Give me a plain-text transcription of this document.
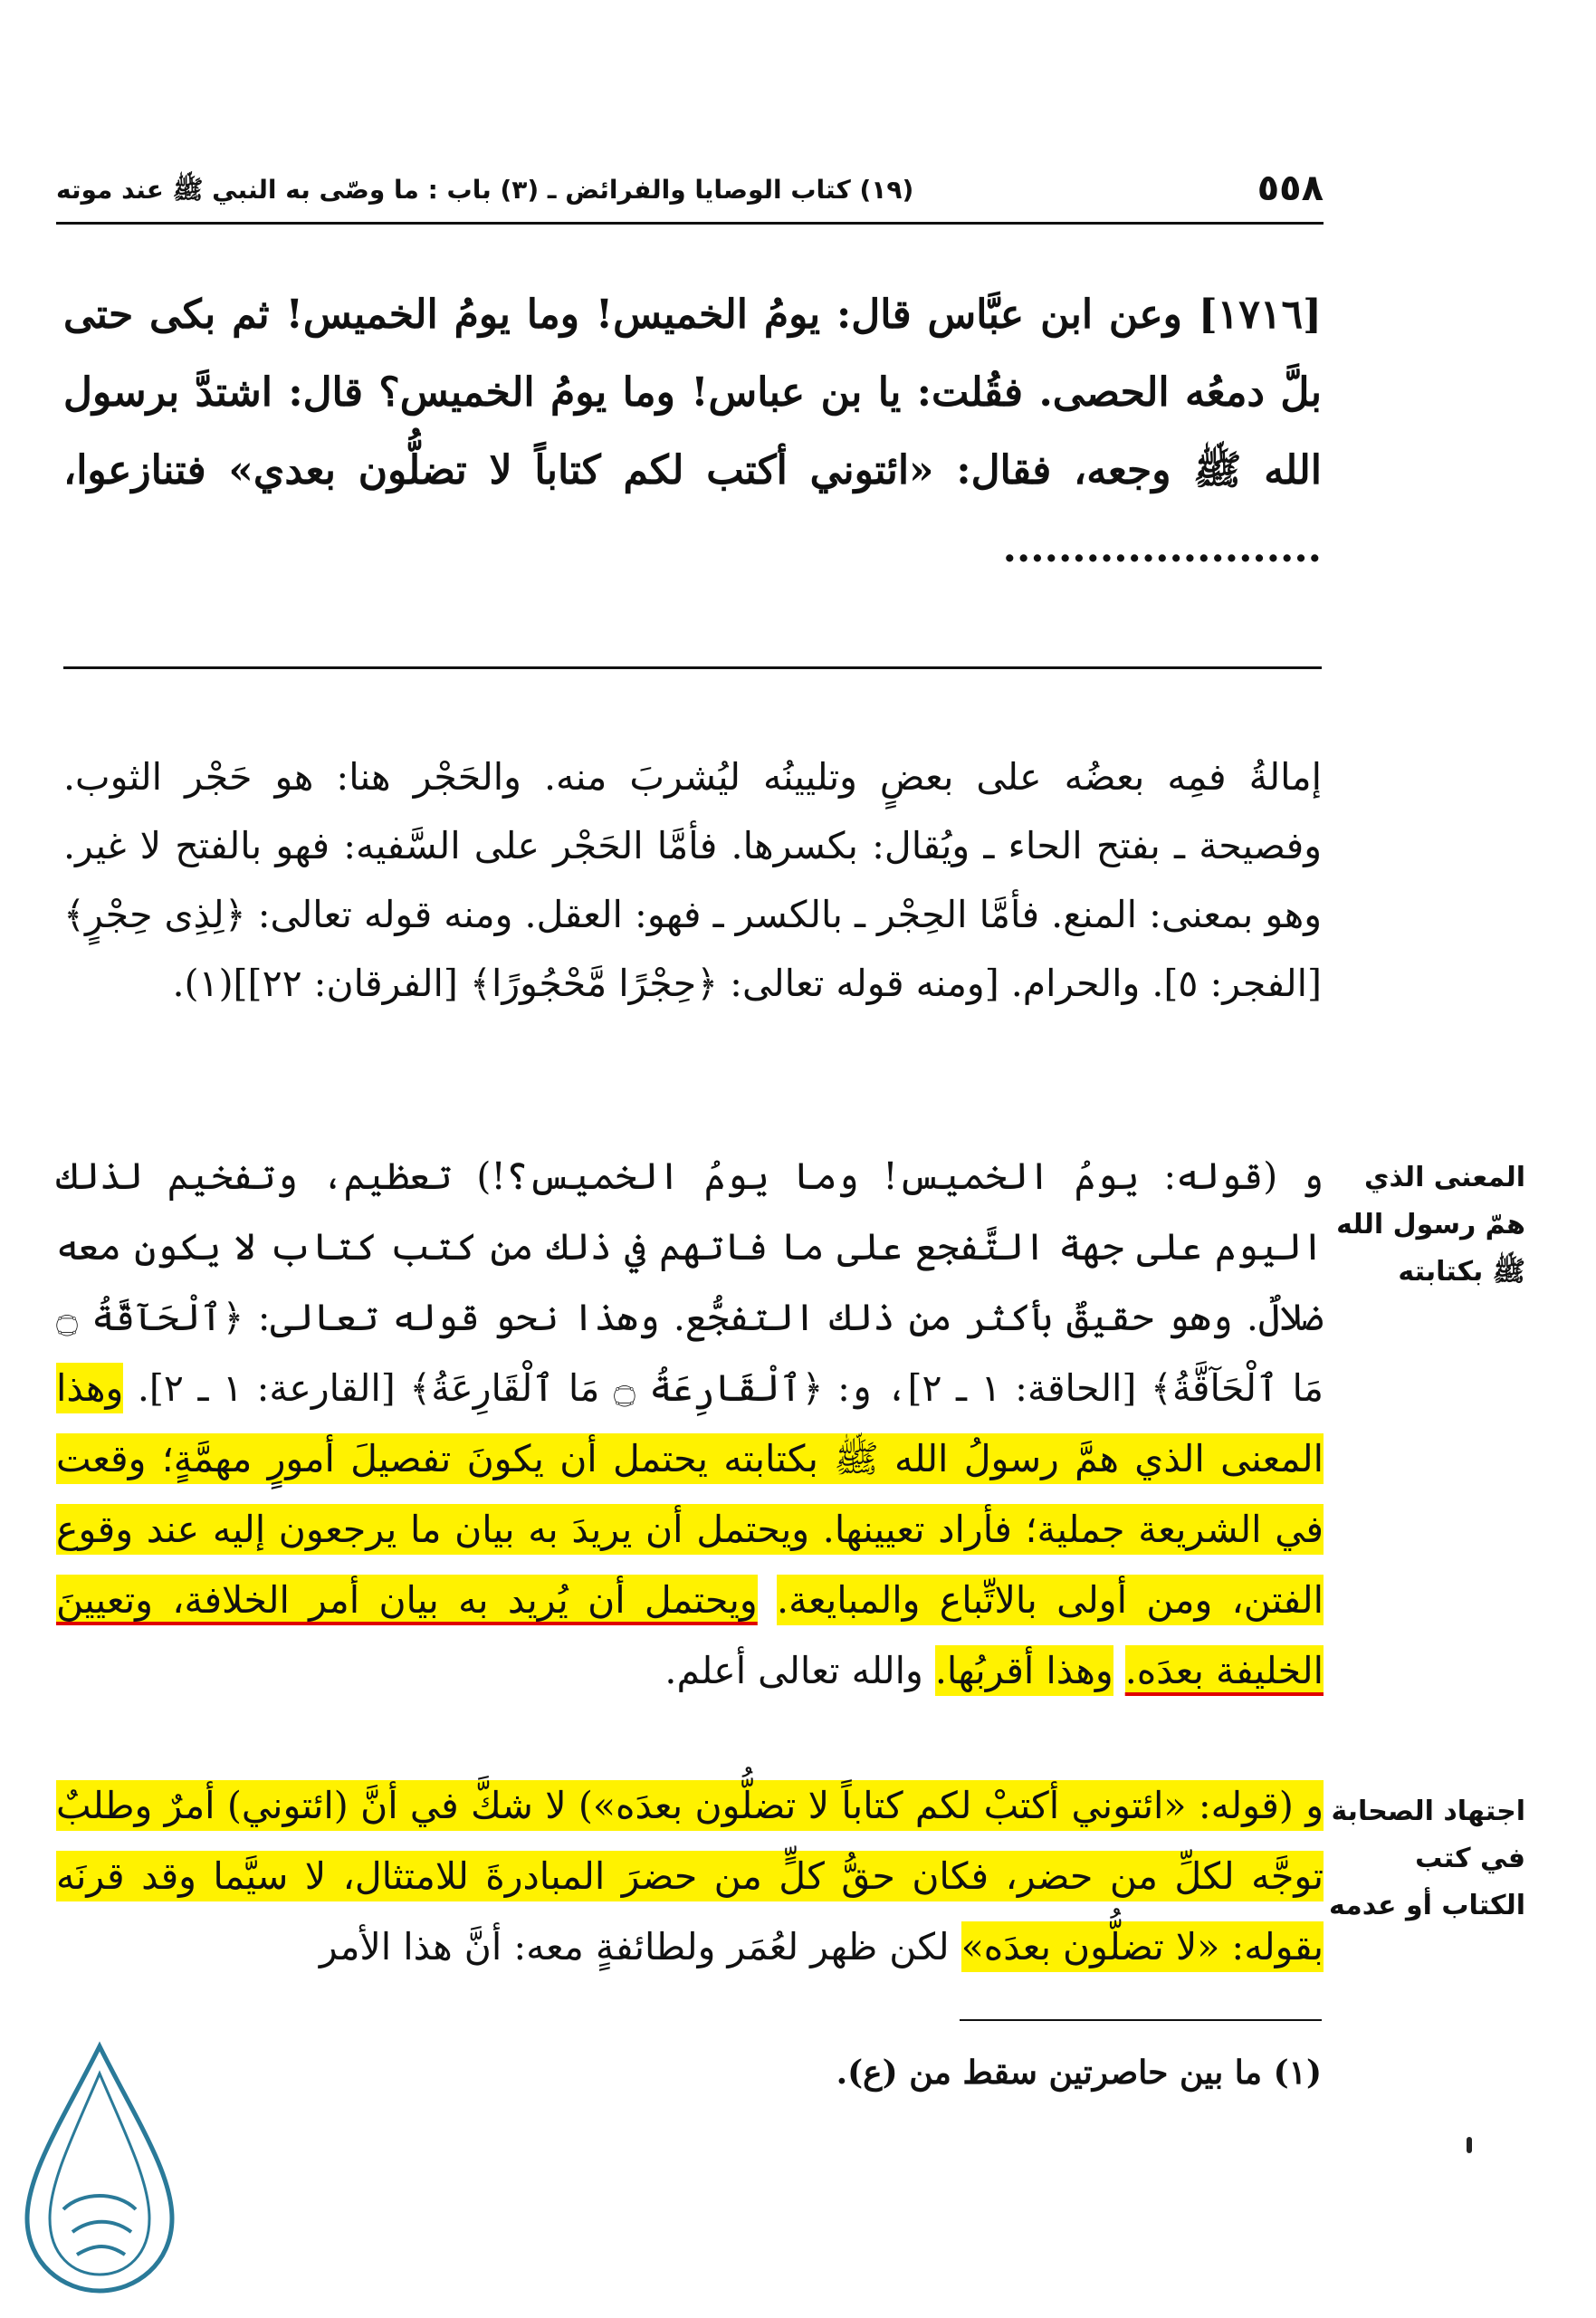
٥٥٨
(١٩) كتاب الوصايا والفرائض ـ (٣) باب : ما وصّى به النبي ﷺ عند موته
[١٧١٦] وعن ابن عبَّاس قال: يومُ الخميس! وما يومُ الخميس! ثم بكى حتى بلَّ دمعُه الحصى. فقُلت: يا بن عباس! وما يومُ الخميس؟ قال: اشتدَّ برسول الله ﷺ وجعه، فقال: «ائتوني أكتب لكم كتاباً لا تضلُّون بعدي» فتنازعوا، .......................
إمالةُ فمِه بعضُه على بعضٍ وتليينُه ليُشربَ منه. والحَجْر هنا: هو حَجْر الثوب. وفصيحة ـ بفتح الحاء ـ ويُقال: بكسرها. فأمَّا الحَجْر على السَّفيه: فهو بالفتح لا غير. وهو بمعنى: المنع. فأمَّا الحِجْر ـ بالكسر ـ فهو: العقل. ومنه قوله تعالى: ﴿لِذِى حِجْرٍ﴾ [الفجر: ٥]. والحرام. [ومنه قوله تعالى: ﴿حِجْرًا مَّحْجُورًا﴾ [الفرقان: ٢٢]](١).
المعنى الذي همّ رسول الله ﷺ بكتابته
و (قوله: يومُ الخميس! وما يومُ الخميس؟!) تعظيم، وتفخيم لذلك اليوم على جهة التَّفجع على ما فاتهم في ذلك من كتب كتاب لا يكون معه ضلالٌ. وهو حقيقٌ بأكثر من ذلك التفجُّع. وهذا نحو قوله تعالى: ﴿ٱلْحَآقَّةُ ۝ مَا ٱلْحَآقَّةُ﴾ [الحاقة: ١ ـ ٢]، و: ﴿ٱلْقَارِعَةُ ۝ مَا ٱلْقَارِعَةُ﴾ [القارعة: ١ ـ ٢]. وهذا المعنى الذي همَّ رسولُ الله ﷺ بكتابته يحتمل أن يكونَ تفصيلَ أمورٍ مهمَّةٍ؛ وقعت في الشريعة جملية؛ فأراد تعيينها. ويحتمل أن يريدَ به بيان ما يرجعون إليه عند وقوع الفتن، ومن أولى بالاتِّباع والمبايعة. ويحتمل أن يُريد به بيان أمر الخلافة، وتعيينَ الخليفة بعدَه. وهذا أقربُها. والله تعالى أعلم.
اجتهاد الصحابة في كتب الكتاب أو عدمه
و (قوله: «ائتوني أكتبْ لكم كتاباً لا تضلُّون بعدَه») لا شكَّ في أنَّ (ائتوني) أمرٌ وطلبٌ توجَّه لكلِّ من حضر، فكان حقُّ كلٍّ من حضرَ المبادرةَ للامتثال، لا سيَّما وقد قرنَه بقوله: «لا تضلُّون بعدَه» لكن ظهر لعُمَر ولطائفةٍ معه: أنَّ هذا الأمر
(١) ما بين حاصرتين سقط من (ع).
